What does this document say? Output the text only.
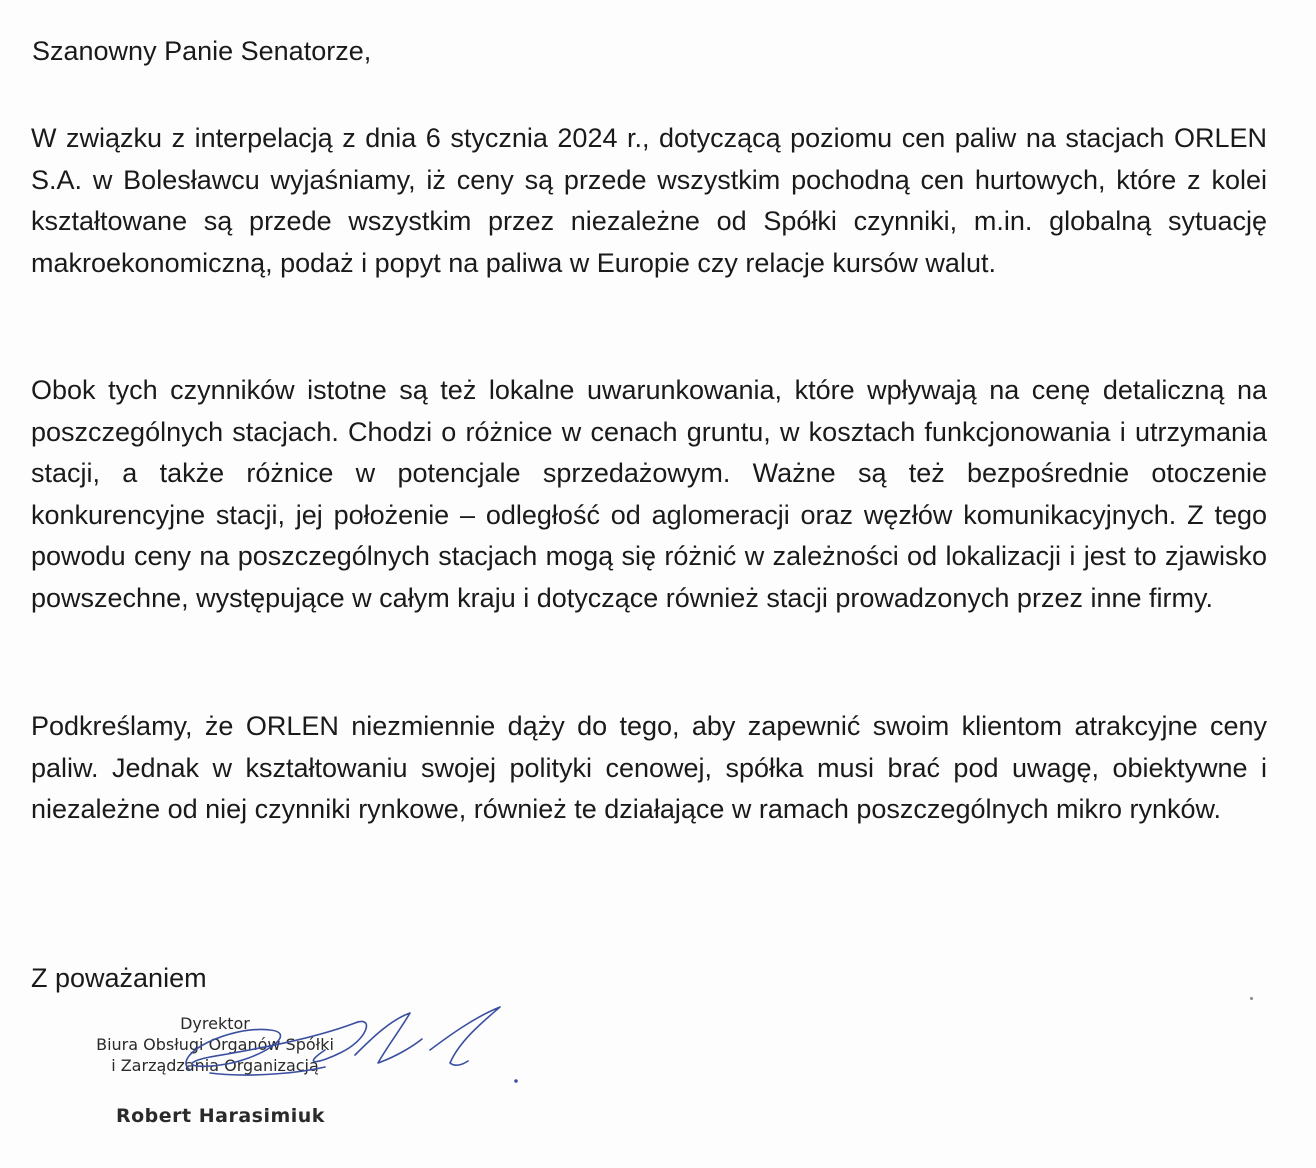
Szanowny Panie Senatorze,

W związku z interpelacją z dnia 6 stycznia 2024 r., dotyczącą poziomu cen paliw na stacjach ORLEN S.A. w Bolesławcu wyjaśniamy, iż ceny są przede wszystkim pochodną cen hurtowych, które z kolei kształtowane są przede wszystkim przez niezależne od Spółki czynniki, m.in. globalną sytuację makroekonomiczną, podaż i popyt na paliwa w Europie czy relacje kursów walut.

Obok tych czynników istotne są też lokalne uwarunkowania, które wpływają na cenę detaliczną na poszczególnych stacjach. Chodzi o różnice w cenach gruntu, w kosztach funkcjonowania i utrzymania stacji, a także różnice w potencjale sprzedażowym. Ważne są też bezpośrednie otoczenie konkurencyjne stacji, jej położenie – odległość od aglomeracji oraz węzłów komunikacyjnych. Z tego powodu ceny na poszczególnych stacjach mogą się różnić w zależności od lokalizacji i jest to zjawisko powszechne, występujące w całym kraju i dotyczące również stacji prowadzonych przez inne firmy.

Podkreślamy, że ORLEN niezmiennie dąży do tego, aby zapewnić swoim klientom atrakcyjne ceny paliw. Jednak w kształtowaniu swojej polityki cenowej, spółka musi brać pod uwagę, obiektywne i niezależne od niej czynniki rynkowe, również te działające w ramach poszczególnych mikro rynków.

Z poważaniem

Dyrektor
Biura Obsługi Organów Spółki
i Zarządzania Organizacją
Robert Harasimiuk
